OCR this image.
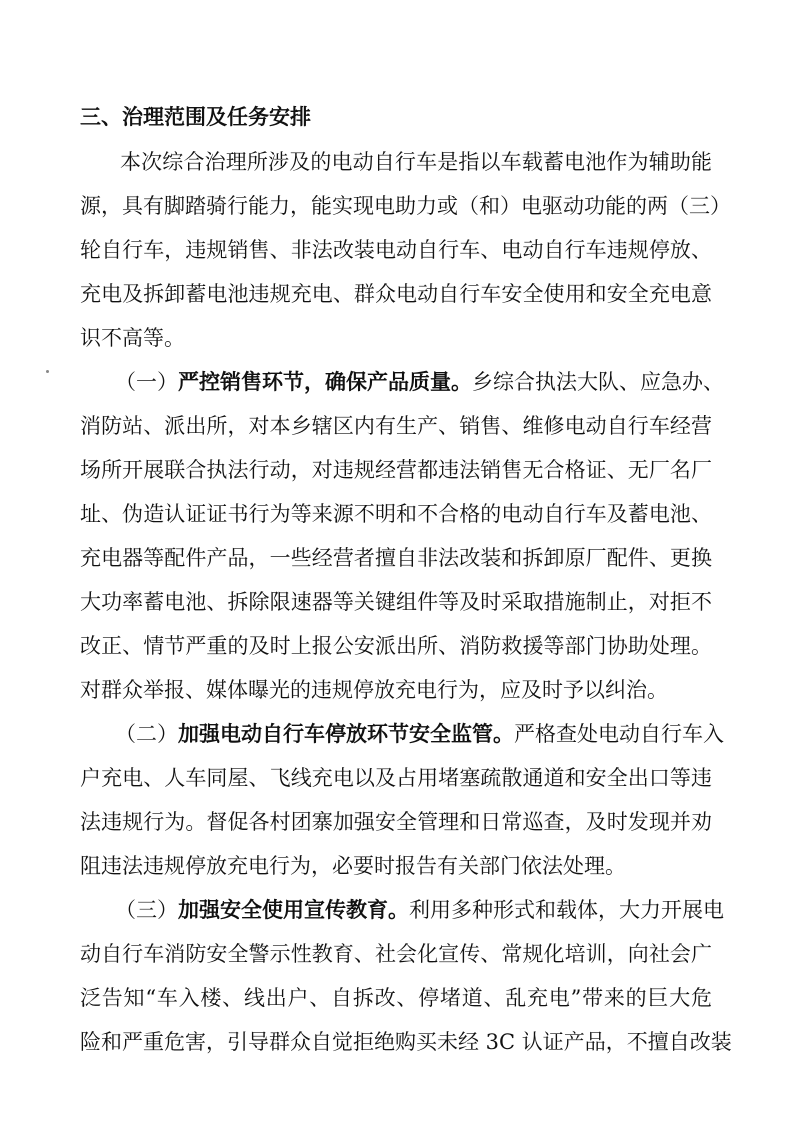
三、治理范围及任务安排
本次综合治理所涉及的电动自行车是指以车载蓄电池作为辅助能
源，具有脚踏骑行能力，能实现电助力或（和）电驱动功能的两（三）
轮自行车，违规销售、非法改装电动自行车、电动自行车违规停放、
充电及拆卸蓄电池违规充电、群众电动自行车安全使用和安全充电意
识不高等。
（一）严控销售环节，确保产品质量。乡综合执法大队、应急办、
消防站、派出所，对本乡辖区内有生产、销售、维修电动自行车经营
场所开展联合执法行动，对违规经营都违法销售无合格证、无厂名厂
址、伪造认证证书行为等来源不明和不合格的电动自行车及蓄电池、
充电器等配件产品，一些经营者擅自非法改装和拆卸原厂配件、更换
大功率蓄电池、拆除限速器等关键组件等及时采取措施制止，对拒不
改正、情节严重的及时上报公安派出所、消防救援等部门协助处理。
对群众举报、媒体曝光的违规停放充电行为，应及时予以纠治。
（二）加强电动自行车停放环节安全监管。严格查处电动自行车入
户充电、人车同屋、飞线充电以及占用堵塞疏散通道和安全出口等违
法违规行为。督促各村团寨加强安全管理和日常巡查，及时发现并劝
阻违法违规停放充电行为，必要时报告有关部门依法处理。
（三）加强安全使用宣传教育。利用多种形式和载体，大力开展电
动自行车消防安全警示性教育、社会化宣传、常规化培训，向社会广
泛告知“车入楼、线出户、自拆改、停堵道、乱充电”带来的巨大危
险和严重危害，引导群众自觉拒绝购买未经 3C 认证产品，不擅自改装
